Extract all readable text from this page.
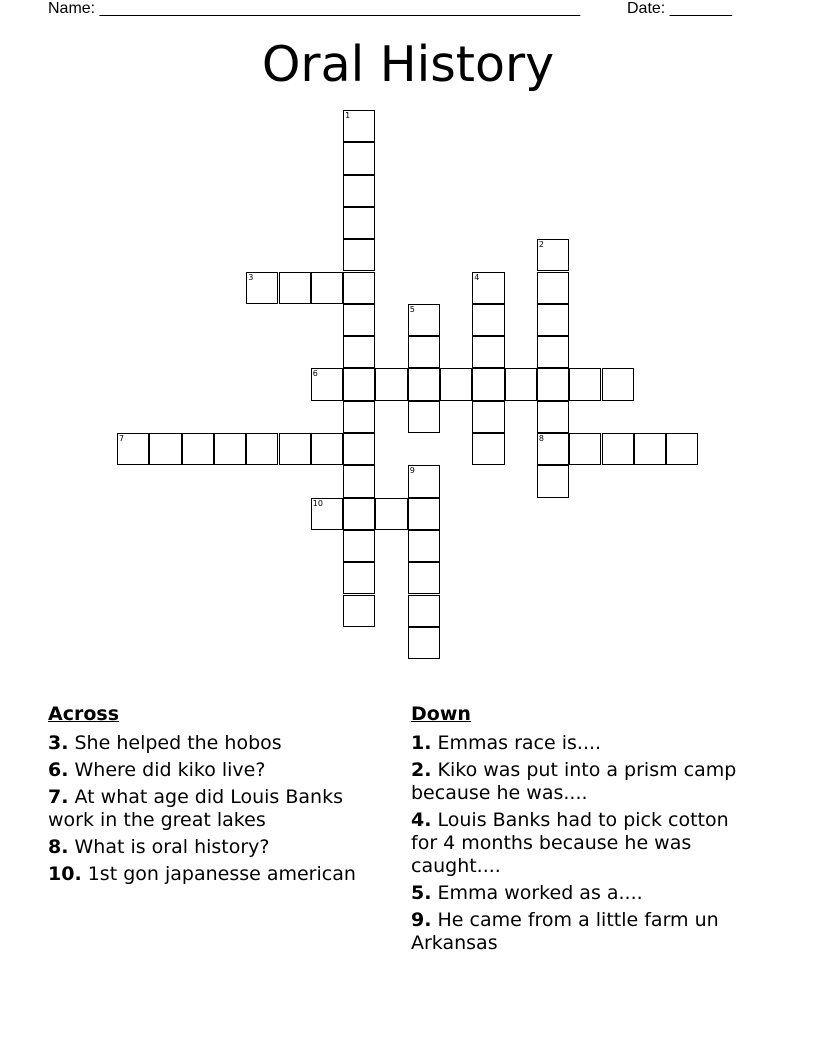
Name: ______________________________________________________	Date: _______
Oral History
1
2
8
3	4
5
6
7
9
10
Across
3. She helped the hobos
6. Where did kiko live?
7. At what age did Louis Banks work in the great lakes
8. What is oral history?
10. 1st gon japanesse american
Down
1. Emmas race is....
2. Kiko was put into a prism camp because he was....
4. Louis Banks had to pick cotton for 4 months because he was caught....
5. Emma worked as a....
9. He came from a little farm un Arkansas
